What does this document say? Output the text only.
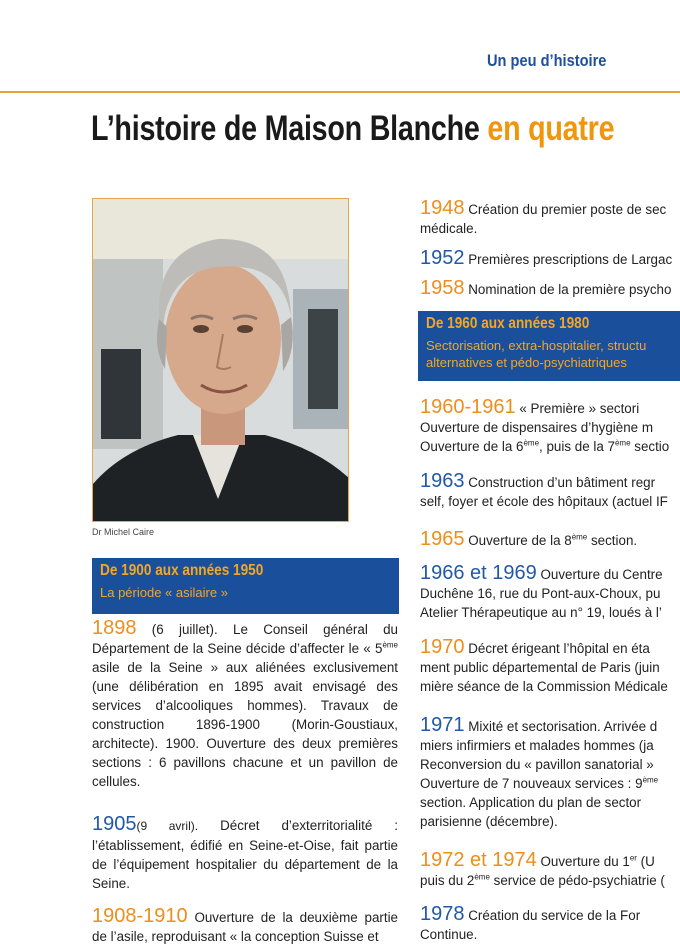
Un peu d’histoire
L’histoire de Maison Blanche en quatre
Dr Michel Caire
De 1900 aux années 1950
La période « asilaire »
1898 (6 juillet). Le Conseil général du Département de la Seine décide d’affecter le « 5ème asile de la Seine » aux aliénées exclusivement (une délibération en 1895 avait envisagé des services d’alcooliques hommes). Travaux de construction 1896-1900 (Morin-Goustiaux, architecte). 1900. Ouverture des deux premières sections : 6 pavillons chacune et un pavillon de cellules.
1905(9 avril). Décret d’exterritorialité : l’établissement, édifié en Seine-et-Oise, fait partie de l’équipement hospitalier du département de la Seine.
1908-1910 Ouverture de la deuxième partie de l’asile, reproduisant « la conception Suisse et
1948 Création du premier poste de sec
médicale.
1952 Premières prescriptions de Largac
1958 Nomination de la première psycho
De 1960 aux années 1980
Sectorisation, extra-hospitalier, structu
alternatives et pédo-psychiatriques
1960-1961 « Première » sectori
Ouverture de dispensaires d’hygiène m
Ouverture de la 6ème, puis de la 7ème sectio
1963 Construction d’un bâtiment regr
self, foyer et école des hôpitaux (actuel IF
1965 Ouverture de la 8ème section.
1966 et 1969 Ouverture du Centre
Duchêne 16, rue du Pont-aux-Choux, pu
Atelier Thérapeutique au n° 19, loués à l’
1970 Décret érigeant l’hôpital en éta
ment public départemental de Paris (juin
mière séance de la Commission Médicale
1971 Mixité et sectorisation. Arrivée d
miers infirmiers et malades hommes (ja
Reconversion du « pavillon sanatorial »
Ouverture de 7 nouveaux services : 9ème
section. Application du plan de sector
parisienne (décembre).
1972 et 1974 Ouverture du 1er (U
puis du 2ème service de pédo-psychiatrie (
1978 Création du service de la For
Continue.
